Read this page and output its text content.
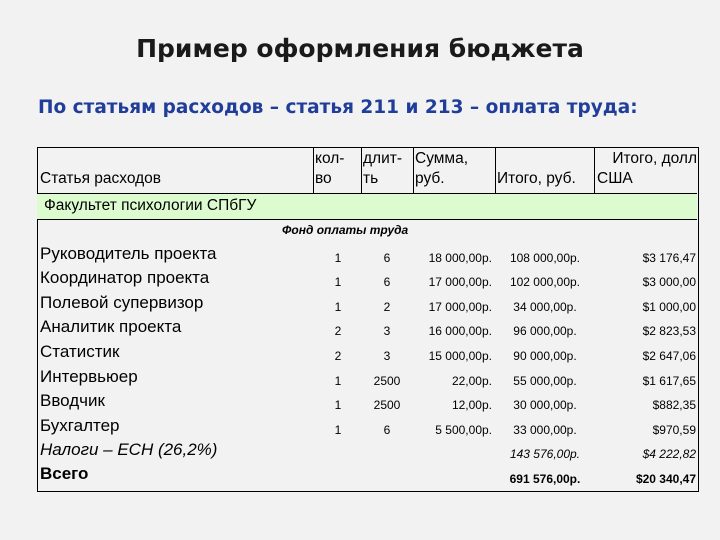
Пример оформления бюджета
По статьям расходов – статья 211 и 213 – оплата труда:
Статья расходов
кол-
во
длит-
ть
Сумма,
руб.	Итого, руб.
Итого, долл
США
Факультет психологии СПбГУ
Фонд оплаты труда
Руководитель проекта
Координатор проекта
Полевой супервизор
Аналитик проекта
Статистик
Интервьюер
Вводчик
Бухгалтер
Налоги – ЕСН (26,2%)
Всего
1
1
1
2
2
1
1
1
6
6
2
3
3
2500
2500
6
18 000,00р.
17 000,00р.
17 000,00р.
16 000,00р.
15 000,00р.
22,00р.
12,00р.
5 500,00р.
108 000,00р.
102 000,00р.
34 000,00р.
96 000,00р.
90 000,00р.
55 000,00р.
30 000,00р.
33 000,00р.
143 576,00р.
691 576,00р.
$3 176,47
$3 000,00
$1 000,00
$2 823,53
$2 647,06
$1 617,65
$882,35
$970,59
$4 222,82
$20 340,47
